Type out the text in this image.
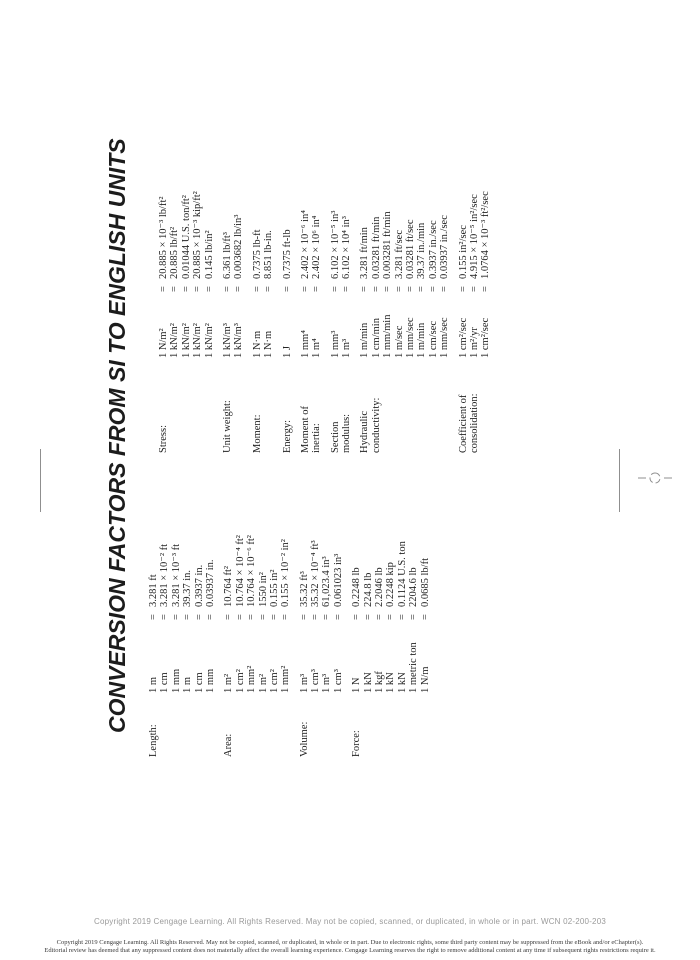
CONVERSION FACTORS FROM SI TO ENGLISH UNITS
Length:
1 m
=
3.281 ft
1 cm
=
3.281 × 10⁻² ft
1 mm
=
3.281 × 10⁻³ ft
1 m
=
39.37 in.
1 cm
=
0.3937 in.
1 mm
=
0.03937 in.
Area:
1 m²
=
10.764 ft²
1 cm²
=
10.764 × 10⁻⁴ ft²
1 mm²
=
10.764 × 10⁻⁶ ft²
1 m²
=
1550 in²
1 cm²
=
0.155 in²
1 mm²
=
0.155 × 10⁻² in²
Volume:
1 m³
=
35.32 ft³
1 cm³
=
35.32 × 10⁻⁴ ft³
1 m³
=
61,023.4 in³
1 cm³
=
0.061023 in³
Force:
1 N
=
0.2248 lb
1 kN
=
224.8 lb
1 kgf
=
2.2046 lb
1 kN
=
0.2248 kip
1 kN
=
0.1124 U.S. ton
1 metric ton
=
2204.6 lb
1 N/m
=
0.0685 lb/ft
Stress:
1 N/m²
=
20.885 × 10⁻³ lb/ft²
1 kN/m²
=
20.885 lb/ft²
1 kN/m²
=
0.01044 U.S. ton/ft²
1 kN/m²
=
20.885 × 10⁻³ kip/ft²
1 kN/m²
=
0.145 lb/in²
Unit weight:
1 kN/m³
=
6.361 lb/ft³
1 kN/m³
=
0.003682 lb/in³
Moment:
1 N·m
=
0.7375 lb-ft
1 N·m
=
8.851 lb-in.
Energy:
1 J
=
0.7375 ft-lb
Moment of inertia:
1 mm⁴
=
2.402 × 10⁻⁶ in⁴
1 m⁴
=
2.402 × 10⁶ in⁴
Section modulus:
1 mm³
=
6.102 × 10⁻⁵ in³
1 m³
=
6.102 × 10⁴ in³
Hydraulic conductivity:
1 m/min
=
3.281 ft/min
1 cm/min
=
0.03281 ft/min
1 mm/min
=
0.003281 ft/min
1 m/sec
=
3.281 ft/sec
1 mm/sec
=
0.03281 ft/sec
1 m/min
=
39.37 in./min
1 cm/sec
=
0.3937 in./sec
1 mm/sec
=
0.03937 in./sec
Coefficient of consolidation:
1 cm²/sec
=
0.155 in²/sec
1 m²/yr
=
4.915 × 10⁻⁵ in²/sec
1 cm²/sec
=
1.0764 × 10⁻³ ft²/sec
Copyright 2019 Cengage Learning. All Rights Reserved. May not be copied, scanned, or duplicated, in whole or in part. WCN 02-200-203
Copyright 2019 Cengage Learning. All Rights Reserved. May not be copied, scanned, or duplicated, in whole or in part. Due to electronic rights, some third party content may be suppressed from the eBook and/or eChapter(s).
Editorial review has deemed that any suppressed content does not materially affect the overall learning experience. Cengage Learning reserves the right to remove additional content at any time if subsequent rights restrictions require it.
